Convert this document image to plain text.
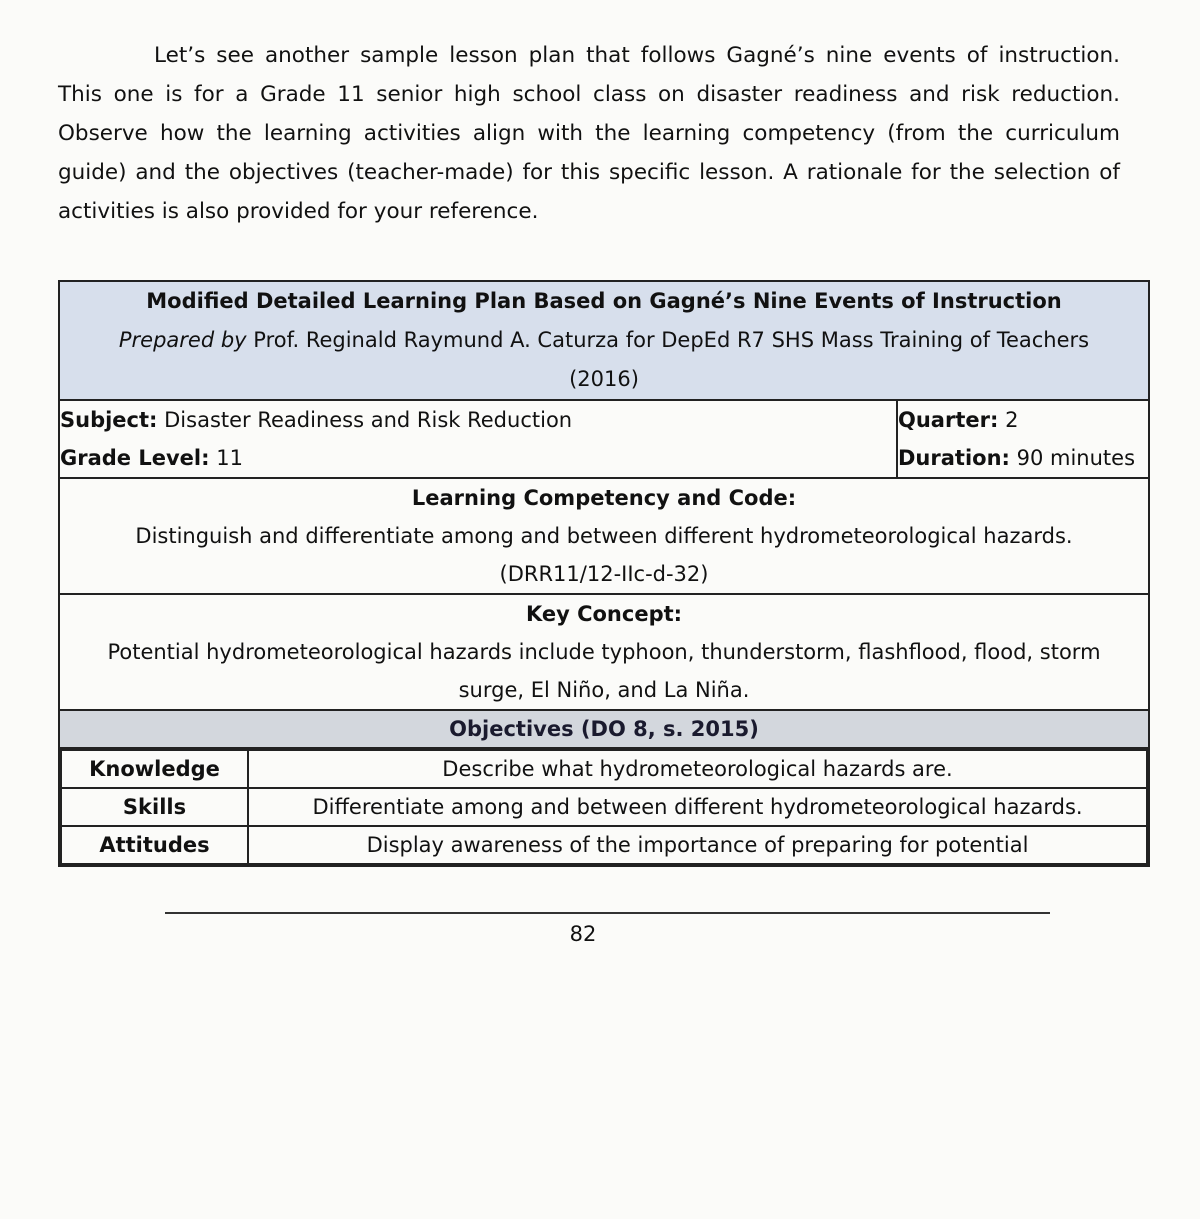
Let’s see another sample lesson plan that follows Gagné’s nine events of instruction. This one is for a Grade 11 senior high school class on disaster readiness and risk reduction. Observe how the learning activities align with the learning competency (from the curriculum guide) and the objectives (teacher-made) for this specific lesson. A rationale for the selection of activities is also provided for your reference.

Modified Detailed Learning Plan Based on Gagné’s Nine Events of Instruction
Prepared by Prof. Reginald Raymund A. Caturza for DepEd R7 SHS Mass Training of Teachers
(2016)

Subject: Disaster Readiness and Risk Reduction
Grade Level: 11

Quarter: 2
Duration: 90 minutes

Learning Competency and Code:
Distinguish and differentiate among and between different hydrometeorological hazards.
(DRR11/12-IIc-d-32)

Key Concept:
Potential hydrometeorological hazards include typhoon, thunderstorm, flashflood, flood, storm surge, El Niño, and La Niña.

Objectives (DO 8, s. 2015)

Knowledge	Describe what hydrometeorological hazards are.
Skills	Differentiate among and between different hydrometeorological hazards.
Attitudes	Display awareness of the importance of preparing for potential
82
